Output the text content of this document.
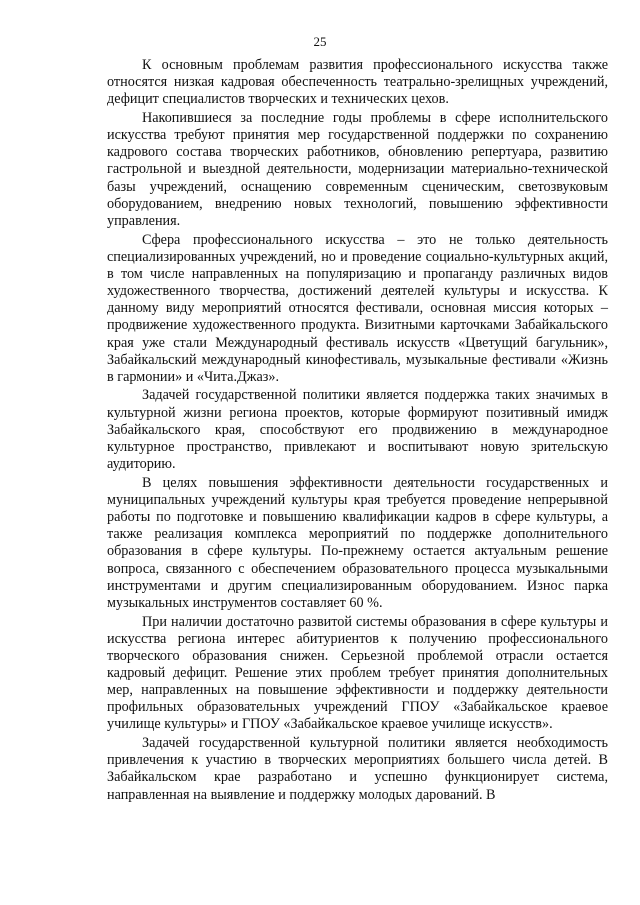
25

К основным проблемам развития профессионального искусства также относятся низкая кадровая обеспеченность театрально-зрелищных учреждений, дефицит специалистов творческих и технических цехов.

Накопившиеся за последние годы проблемы в сфере исполнительского искусства требуют принятия мер государственной поддержки по сохранению кадрового состава творческих работников, обновлению репертуара, развитию гастрольной и выездной деятельности, модернизации материально-технической базы учреждений, оснащению современным сценическим, светозвуковым оборудованием, внедрению новых технологий, повышению эффективности управления.

Сфера профессионального искусства – это не только деятельность специализированных учреждений, но и проведение социально-культурных акций, в том числе направленных на популяризацию и пропаганду различных видов художественного творчества, достижений деятелей культуры и искусства. К данному виду мероприятий относятся фестивали, основная миссия которых – продвижение художественного продукта. Визитными карточками Забайкальского края уже стали Международный фестиваль искусств «Цветущий багульник», Забайкальский международный кинофестиваль, музыкальные фестивали «Жизнь в гармонии» и «Чита.Джаз».

Задачей государственной политики является поддержка таких значимых в культурной жизни региона проектов, которые формируют позитивный имидж Забайкальского края, способствуют его продвижению в международное культурное пространство, привлекают и воспитывают новую зрительскую аудиторию.

В целях повышения эффективности деятельности государственных и муниципальных учреждений культуры края требуется проведение непрерывной работы по подготовке и повышению квалификации кадров в сфере культуры, а также реализация комплекса мероприятий по поддержке дополнительного образования в сфере культуры. По-прежнему остается актуальным решение вопроса, связанного с обеспечением образовательного процесса музыкальными инструментами и другим специализированным оборудованием. Износ парка музыкальных инструментов составляет 60 %.

При наличии достаточно развитой системы образования в сфере культуры и искусства региона интерес абитуриентов к получению профессионального творческого образования снижен. Серьезной проблемой отрасли остается кадровый дефицит. Решение этих проблем требует принятия дополнительных мер, направленных на повышение эффективности и поддержку деятельности профильных образовательных учреждений ГПОУ «Забайкальское краевое училище культуры» и ГПОУ «Забайкальское краевое училище искусств».

Задачей государственной культурной политики является необходимость привлечения к участию в творческих мероприятиях большего числа детей. В Забайкальском крае разработано и успешно функционирует система, направленная на выявление и поддержку молодых дарований. В
